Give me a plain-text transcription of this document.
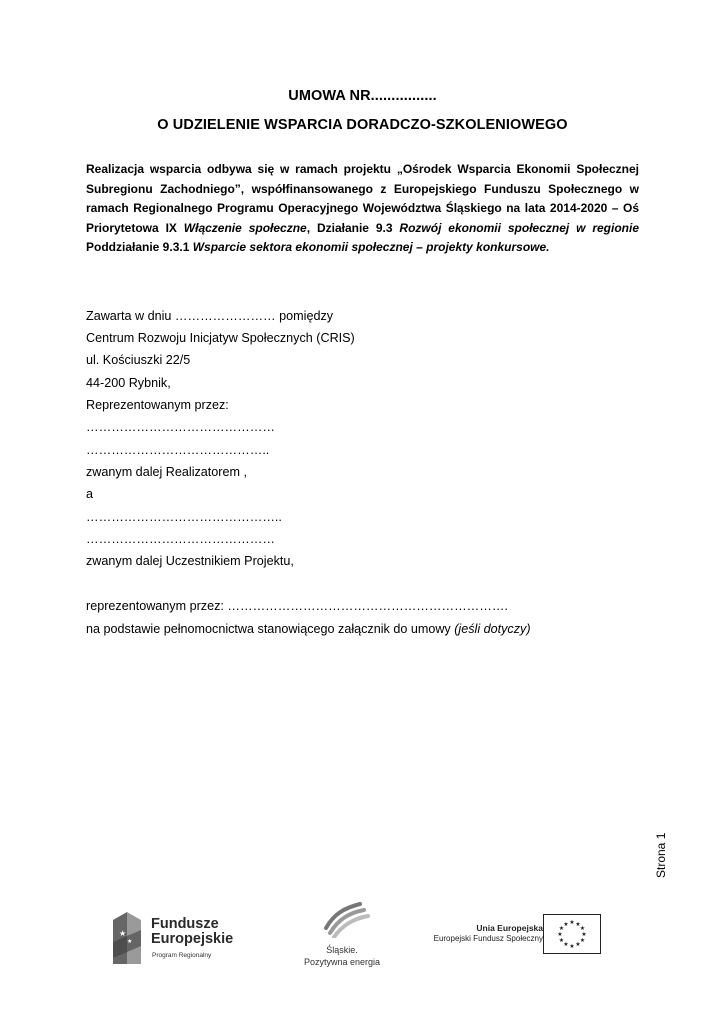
UMOWA NR................
O UDZIELENIE WSPARCIA DORADCZO-SZKOLENIOWEGO
Realizacja wsparcia odbywa się w ramach projektu „Ośrodek Wsparcia Ekonomii Społecznej Subregionu Zachodniego”, współfinansowanego z Europejskiego Funduszu Społecznego w ramach Regionalnego Programu Operacyjnego Województwa Śląskiego na lata 2014-2020 – Oś Priorytetowa IX Włączenie społeczne, Działanie 9.3 Rozwój ekonomii społecznej w regionie Poddziałanie 9.3.1 Wsparcie sektora ekonomii społecznej – projekty konkursowe.
Zawarta w dniu …………………… pomiędzy
Centrum Rozwoju Inicjatyw Społecznych (CRIS)
ul. Kościuszki 22/5
44-200 Rybnik,
Reprezentowanym przez:
………………………………………
……………………………………..
zwanym dalej Realizatorem ,
a
………………………………………..
………………………………………
zwanym dalej Uczestnikiem Projektu,
reprezentowanym przez: ………………………………………………………….
na podstawie pełnomocnictwa stanowiącego załącznik do umowy (jeśli dotyczy)
Strona 1
★
★
Fundusze
Europejskie
Program Regionalny
Śląskie.
Pozytywna energia
Unia Europejska
Europejski Fundusz Społeczny
★ ★
★
★
★
★
★
★
★
★
★
★
